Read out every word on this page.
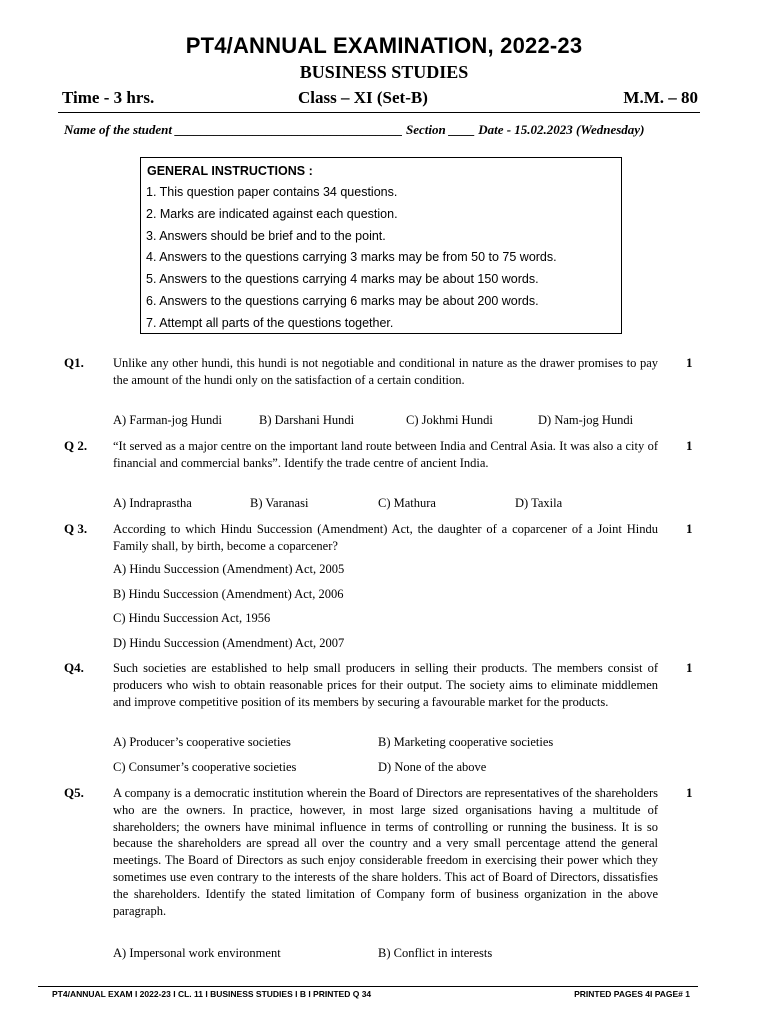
PT4/ANNUAL EXAMINATION, 2022-23
BUSINESS STUDIES
Time - 3 hrs.	Class – XI (Set-B)	M.M. – 80
Name of the student ___________________________________ Section ____ Date - 15.02.2023 (Wednesday)
GENERAL INSTRUCTIONS :
1. This question paper contains 34 questions.
2. Marks are indicated against each question.
3. Answers should be brief and to the point.
4. Answers to the questions carrying 3 marks may be from 50 to 75 words.
5. Answers to the questions carrying 4 marks may be about 150 words.
6. Answers to the questions carrying 6 marks may be about 200 words.
7. Attempt all parts of the questions together.
Q1. Unlike any other hundi, this hundi is not negotiable and conditional in nature as the drawer promises to pay the amount of the hundi only on the satisfaction of a certain condition.
1
A) Farman-jog Hundi	B) Darshani Hundi	C) Jokhmi Hundi	D) Nam-jog Hundi
Q 2. “It served as a major centre on the important land route between India and Central Asia. It was also a city of financial and commercial banks”. Identify the trade centre of ancient India.
1
A) Indraprastha	B) Varanasi	C) Mathura	D) Taxila
Q 3. According to which Hindu Succession (Amendment) Act, the daughter of a coparcener of a Joint Hindu Family shall, by birth, become a coparcener?
1
A) Hindu Succession (Amendment) Act, 2005
B) Hindu Succession (Amendment) Act, 2006
C) Hindu Succession Act, 1956
D) Hindu Succession (Amendment) Act, 2007
Q4. Such societies are established to help small producers in selling their products. The members consist of producers who wish to obtain reasonable prices for their output. The society aims to eliminate middlemen and improve competitive position of its members by securing a favourable market for the products.
1
A) Producer’s cooperative societies	B) Marketing cooperative societies
C) Consumer’s cooperative societies	D) None of the above
Q5. A company is a democratic institution wherein the Board of Directors are representatives of the shareholders who are the owners. In practice, however, in most large sized organisations having a multitude of shareholders; the owners have minimal influence in terms of controlling or running the business. It is so because the shareholders are spread all over the country and a very small percentage attend the general meetings. The Board of Directors as such enjoy considerable freedom in exercising their power which they sometimes use even contrary to the interests of the share holders. This act of Board of Directors, dissatisfies the shareholders. Identify the stated limitation of Company form of business organization in the above paragraph.
1
A) Impersonal work environment	B) Conflict in interests
PT4/ANNUAL EXAM I 2022-23 I CL. 11 I BUSINESS STUDIES I B I PRINTED Q 34	PRINTED PAGES 4I PAGE# 1
